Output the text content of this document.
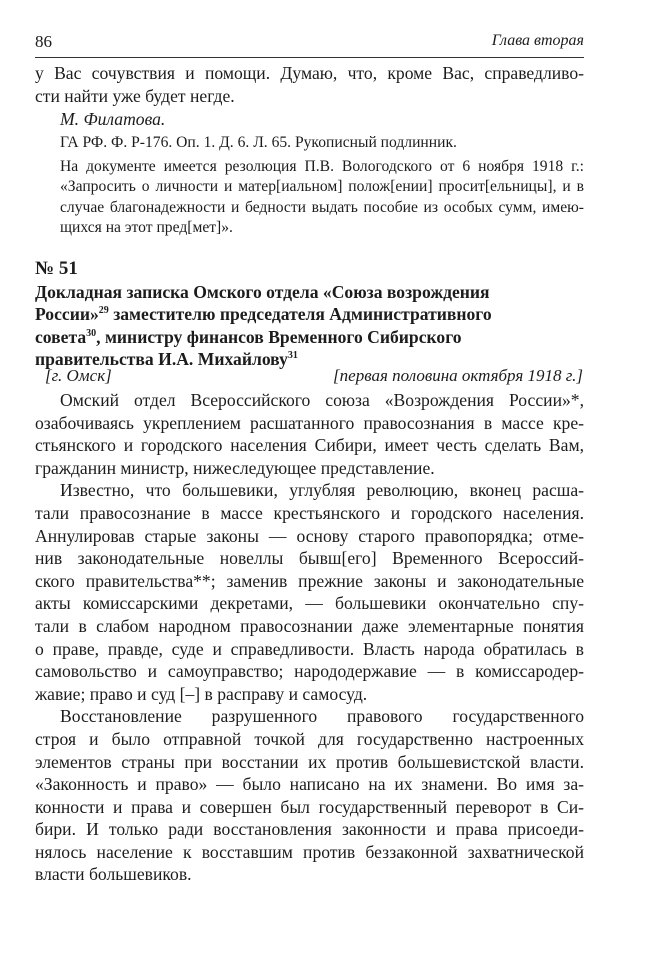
86	Глава вторая

у Вас сочувствия и помощи. Думаю, что, кроме Вас, справедливо-
сти найти уже будет негде.

М. Филатова.
ГА РФ. Ф. Р-176. Оп. 1. Д. 6. Л. 65. Рукописный подлинник.

На документе имеется резолюция П.В. Вологодского от 6 ноября 1918 г.:
«Запросить о личности и матер[иальном] полож[ении] просит[ельницы], и в
случае благонадежности и бедности выдать пособие из особых сумм, имею-
щихся на этот пред[мет]».

№ 51
Докладная записка Омского отдела «Союза возрождения
России»$^{29}$ заместителю председателя Административного
совета$^{30}$, министру финансов Временного Сибирского
правительства И.А. Михайлову$^{31}$
[г. Омск]	[первая половина октября 1918 г.]

Омский отдел Всероссийского союза «Возрождения России»*,
озабочиваясь укреплением расшатанного правосознания в массе кре-
стьянского и городского населения Сибири, имеет честь сделать Вам,
гражданин министр, нижеследующее представление.

Известно, что большевики, углубляя революцию, вконец расша-
тали правосознание в массе крестьянского и городского населения.
Аннулировав старые законы — основу старого правопорядка; отме-
нив законодательные новеллы бывш[его] Временного Всероссий-
ского правительства**; заменив прежние законы и законодательные
акты комиссарскими декретами, — большевики окончательно спу-
тали в слабом народном правосознании даже элементарные понятия
о праве, правде, суде и справедливости. Власть народа обратилась в
самовольство и самоуправство; народодержавие — в комиссародер-
жавие; право и суд [–] в расправу и самосуд.

Восстановление разрушенного правового государственного
строя и было отправной точкой для государственно настроенных
элементов страны при восстании их против большевистской власти.
«Законность и право» — было написано на их знамени. Во имя за-
конности и права и совершен был государственный переворот в Си-
бири. И только ради восстановления законности и права присоеди-
нялось население к восставшим против беззаконной захватнической
власти большевиков.
